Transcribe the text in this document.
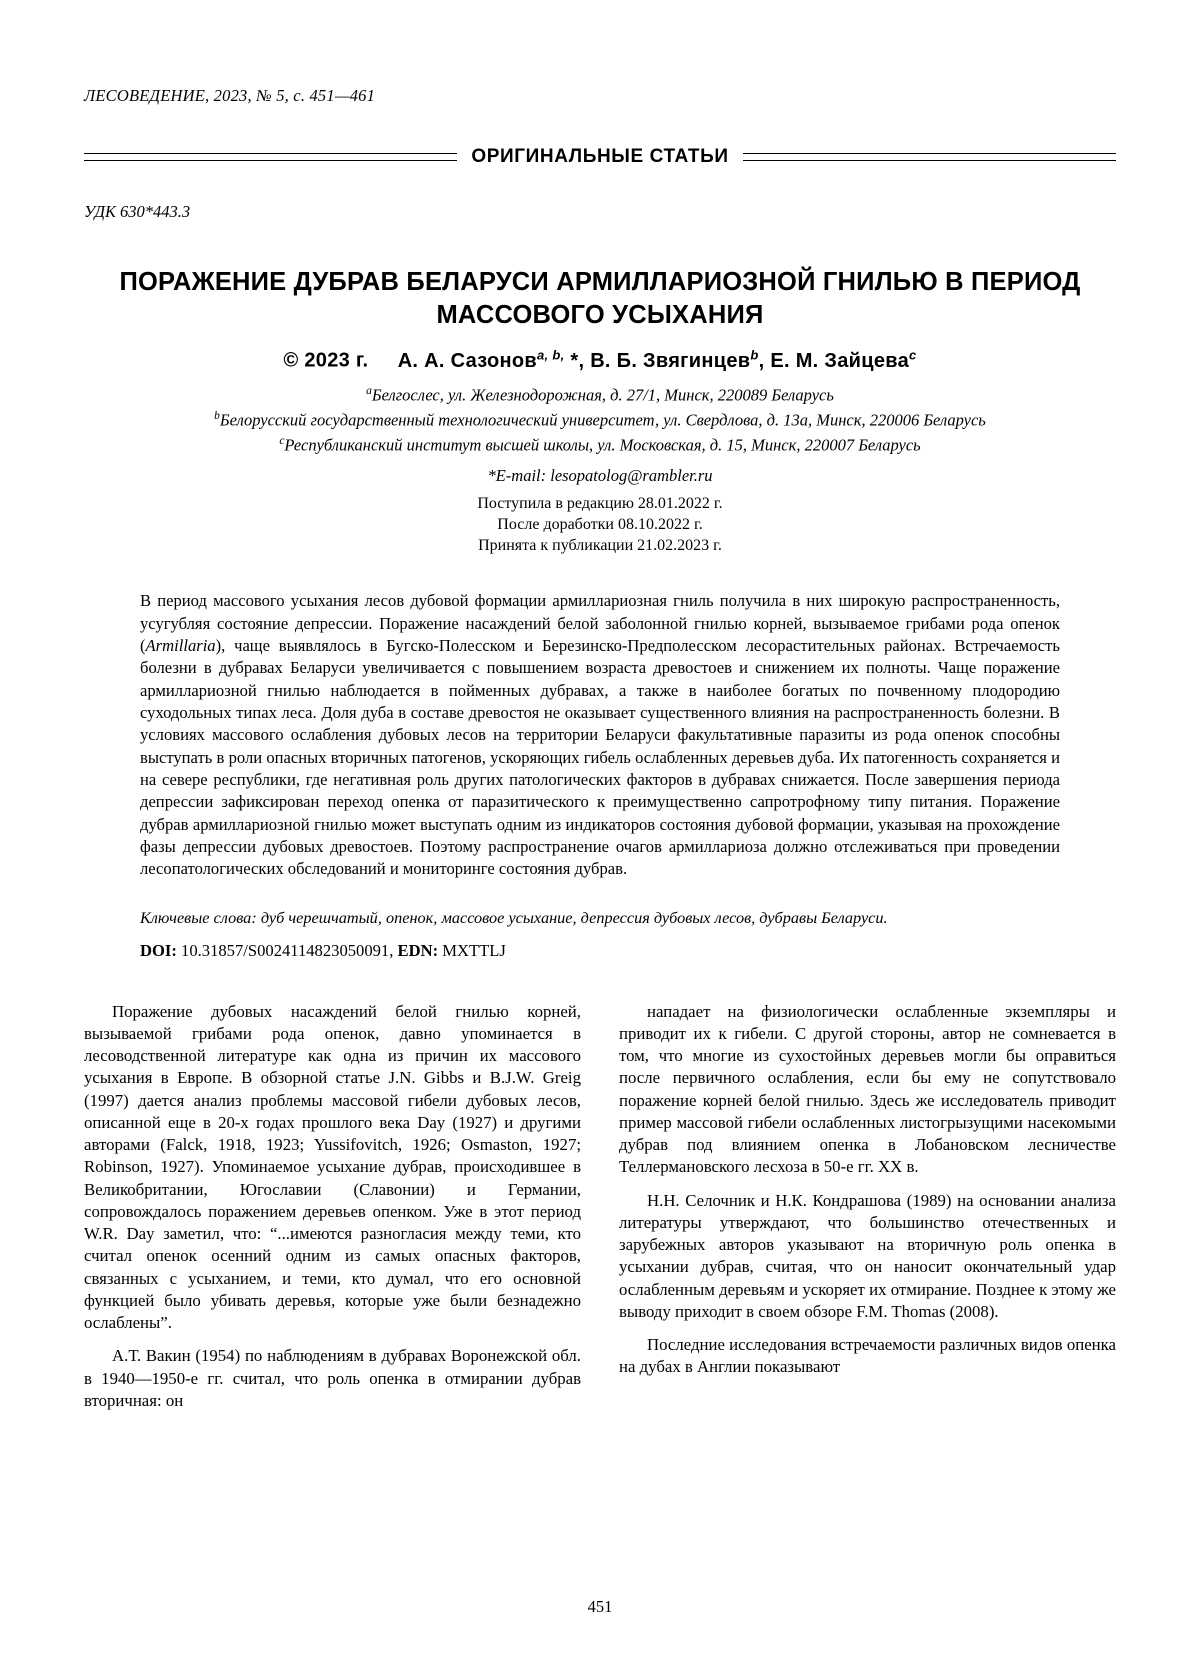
ЛЕСОВЕДЕНИЕ, 2023, № 5, с. 451—461
ОРИГИНАЛЬНЫЕ СТАТЬИ
УДК 630*443.3
ПОРАЖЕНИЕ ДУБРАВ БЕЛАРУСИ АРМИЛЛАРИОЗНОЙ ГНИЛЬЮ В ПЕРИОД МАССОВОГО УСЫХАНИЯ
© 2023 г. А. А. Сазонов$^{a, b,}$ *, В. Б. Звягинцев$^b$, Е. М. Зайцева$^c$
$^a$Белгослес, ул. Железнодорожная, д. 27/1, Минск, 220089 Беларусь
$^b$Белорусский государственный технологический университет, ул. Свердлова, д. 13а, Минск, 220006 Беларусь
$^c$Республиканский институт высшей школы, ул. Московская, д. 15, Минск, 220007 Беларусь
*E-mail: lesopatolog@rambler.ru
Поступила в редакцию 28.01.2022 г.
После доработки 08.10.2022 г.
Принята к публикации 21.02.2023 г.
В период массового усыхания лесов дубовой формации армиллариозная гниль получила в них широкую распространенность, усугубляя состояние депрессии. Поражение насаждений белой заболонной гнилью корней, вызываемое грибами рода опенок (Armillaria), чаще выявлялось в Бугско-Полесском и Березинско-Предполесском лесорастительных районах. Встречаемость болезни в дубравах Беларуси увеличивается с повышением возраста древостоев и снижением их полноты. Чаще поражение армиллариозной гнилью наблюдается в пойменных дубравах, а также в наиболее богатых по почвенному плодородию суходольных типах леса. Доля дуба в составе древостоя не оказывает существенного влияния на распространенность болезни. В условиях массового ослабления дубовых лесов на территории Беларуси факультативные паразиты из рода опенок способны выступать в роли опасных вторичных патогенов, ускоряющих гибель ослабленных деревьев дуба. Их патогенность сохраняется и на севере республики, где негативная роль других патологических факторов в дубравах снижается. После завершения периода депрессии зафиксирован переход опенка от паразитического к преимущественно сапротрофному типу питания. Поражение дубрав армиллариозной гнилью может выступать одним из индикаторов состояния дубовой формации, указывая на прохождение фазы депрессии дубовых древостоев. Поэтому распространение очагов армиллариоза должно отслеживаться при проведении лесопатологических обследований и мониторинге состояния дубрав.
Ключевые слова: дуб черешчатый, опенок, массовое усыхание, депрессия дубовых лесов, дубравы Беларуси.
DOI: 10.31857/S0024114823050091, EDN: MXTTLJ

Поражение дубовых насаждений белой гнилью корней, вызываемой грибами рода опенок, давно упоминается в лесоводственной литературе как одна из причин их массового усыхания в Европе. В обзорной статье J.N. Gibbs и B.J.W. Greig (1997) дается анализ проблемы массовой гибели дубовых лесов, описанной еще в 20-х годах прошлого века Day (1927) и другими авторами (Falck, 1918, 1923; Yussifovitch, 1926; Osmaston, 1927; Robinson, 1927). Упоминаемое усыхание дубрав, происходившее в Великобритании, Югославии (Славонии) и Германии, сопровождалось поражением деревьев опенком. Уже в этот период W.R. Day заметил, что: “...имеются разногласия между теми, кто считал опенок осенний одним из самых опасных факторов, связанных с усыханием, и теми, кто думал, что его основной функцией было убивать деревья, которые уже были безнадежно ослаблены”.

А.Т. Вакин (1954) по наблюдениям в дубравах Воронежской обл. в 1940—1950-е гг. считал, что роль опенка в отмирании дубрав вторичная: он

нападает на физиологически ослабленные экземпляры и приводит их к гибели. С другой стороны, автор не сомневается в том, что многие из сухостойных деревьев могли бы оправиться после первичного ослабления, если бы ему не сопутствовало поражение корней белой гнилью. Здесь же исследователь приводит пример массовой гибели ослабленных листогрызущими насекомыми дубрав под влиянием опенка в Лобановском лесничестве Теллермановского лесхоза в 50-е гг. XX в.

Н.Н. Селочник и Н.К. Кондрашова (1989) на основании анализа литературы утверждают, что большинство отечественных и зарубежных авторов указывают на вторичную роль опенка в усыхании дубрав, считая, что он наносит окончательный удар ослабленным деревьям и ускоряет их отмирание. Позднее к этому же выводу приходит в своем обзоре F.M. Thomas (2008).

Последние исследования встречаемости различных видов опенка на дубах в Англии показывают

451
